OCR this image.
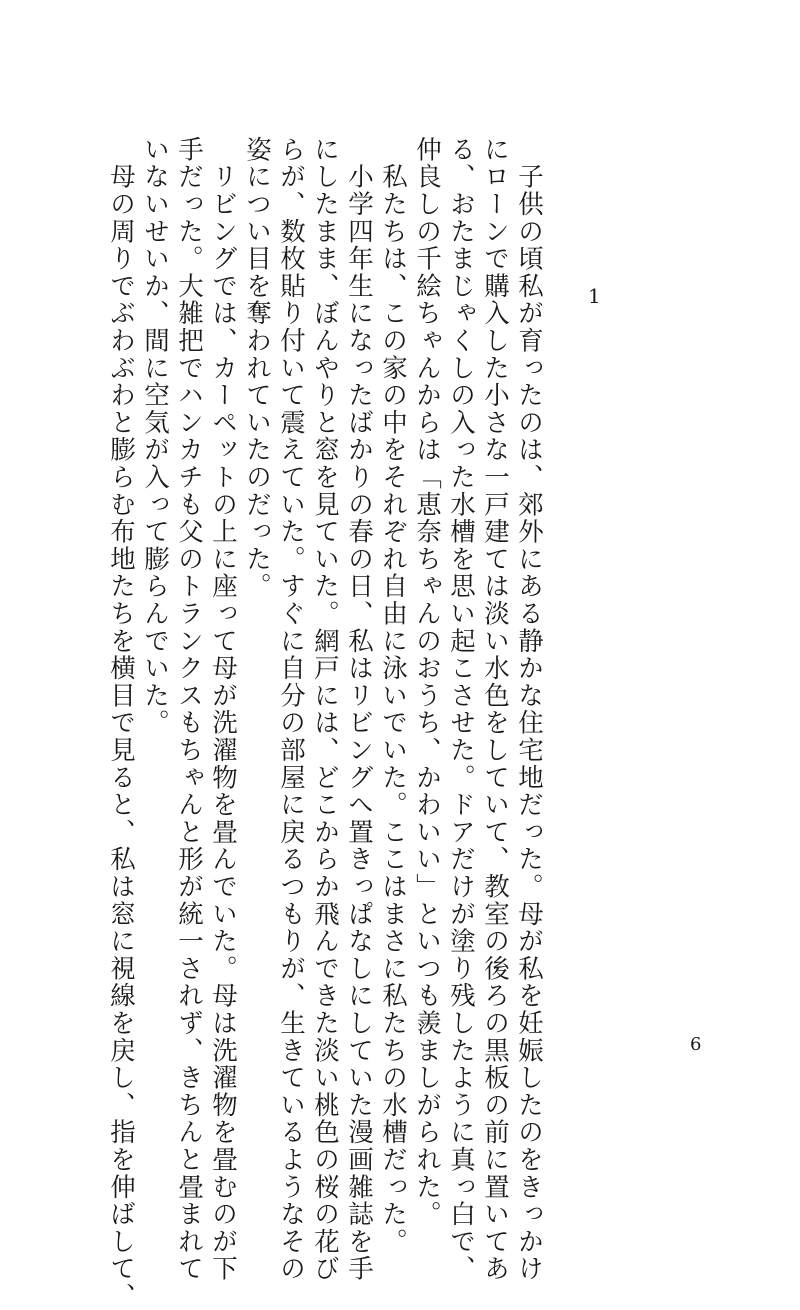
1

　子供の頃私が育ったのは、郊外にある静かな住宅地だった。母が私を妊娠したのをきっかけ
にローンで購入した小さな一戸建ては淡い水色をしていて、教室の後ろの黒板の前に置いてあ
る、おたまじゃくしの入った水槽を思い起こさせた。ドアだけが塗り残したように真っ白で、
仲良しの千絵ちゃんからは「恵奈ちゃんのおうち、かわいい」といつも羨ましがられた。

　私たちは、この家の中をそれぞれ自由に泳いでいた。ここはまさに私たちの水槽だった。

　小学四年生になったばかりの春の日、私はリビングへ置きっぱなしにしていた漫画雑誌を手
にしたまま、ぼんやりと窓を見ていた。網戸には、どこからか飛んできた淡い桃色の桜の花び
らが、数枚貼り付いて震えていた。すぐに自分の部屋に戻るつもりが、生きているようなその
姿につい目を奪われていたのだった。

　リビングでは、カーペットの上に座って母が洗濯物を畳んでいた。母は洗濯物を畳むのが下
手だった。大雑把でハンカチも父のトランクスもちゃんと形が統一されず、きちんと畳まれて
いないせいか、間に空気が入って膨らんでいた。

　母の周りでぶわぶわと膨らむ布地たちを横目で見ると、私は窓に視線を戻し、指を伸ばして、	6
